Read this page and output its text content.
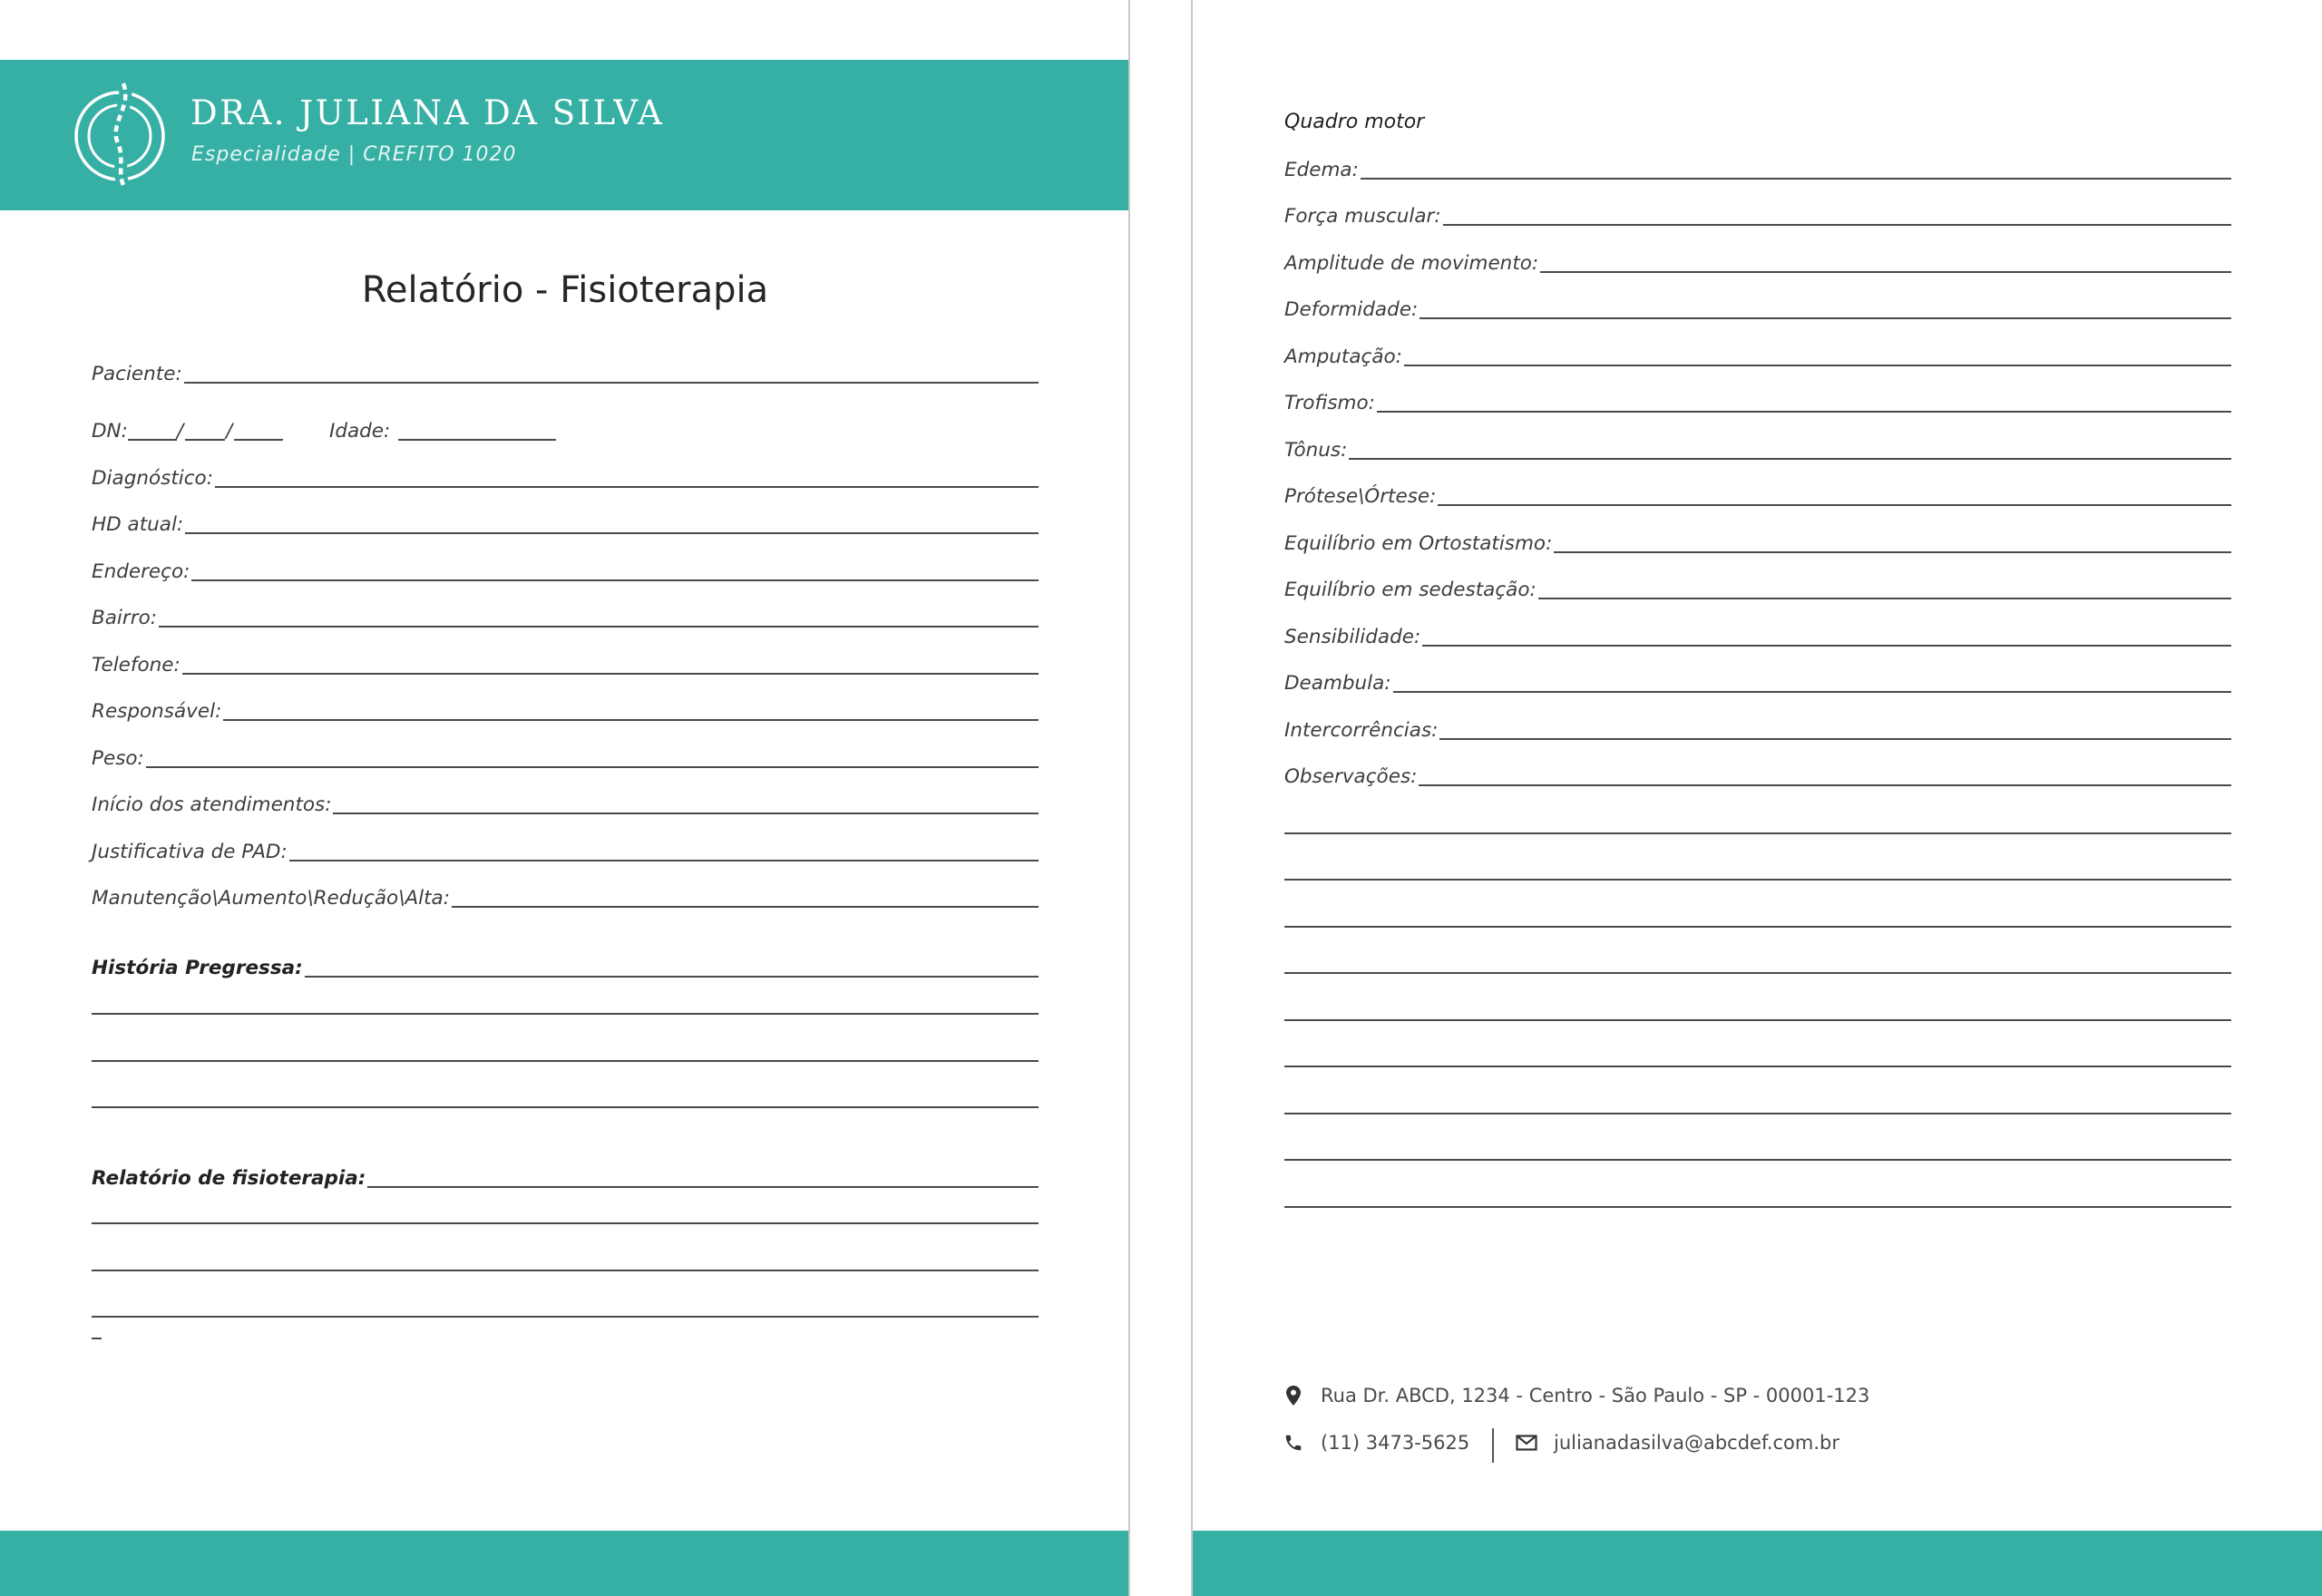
DRA. JULIANA DA SILVA
Especialidade | CREFITO 1020
Relatório - Fisioterapia
Paciente:
DN:	/ /	Idade:
Diagnóstico:
HD atual:
Endereço:
Bairro:
Telefone:
Responsável:
Peso:
Início dos atendimentos:
Justificativa de PAD:
Manutenção\Aumento\Redução\Alta:
História Pregressa:
Relatório de fisioterapia:
Quadro motor
Edema:
Força muscular:
Amplitude de movimento:
Deformidade:
Amputação:
Trofismo:
Tônus:
Prótese\Órtese:
Equilíbrio em Ortostatismo:
Equilíbrio em sedestação:
Sensibilidade:
Deambula:
Intercorrências:
Observações:
Rua Dr. ABCD, 1234 - Centro - São Paulo - SP - 00001-123
(11) 3473-5625	julianadasilva@abcdef.com.br
